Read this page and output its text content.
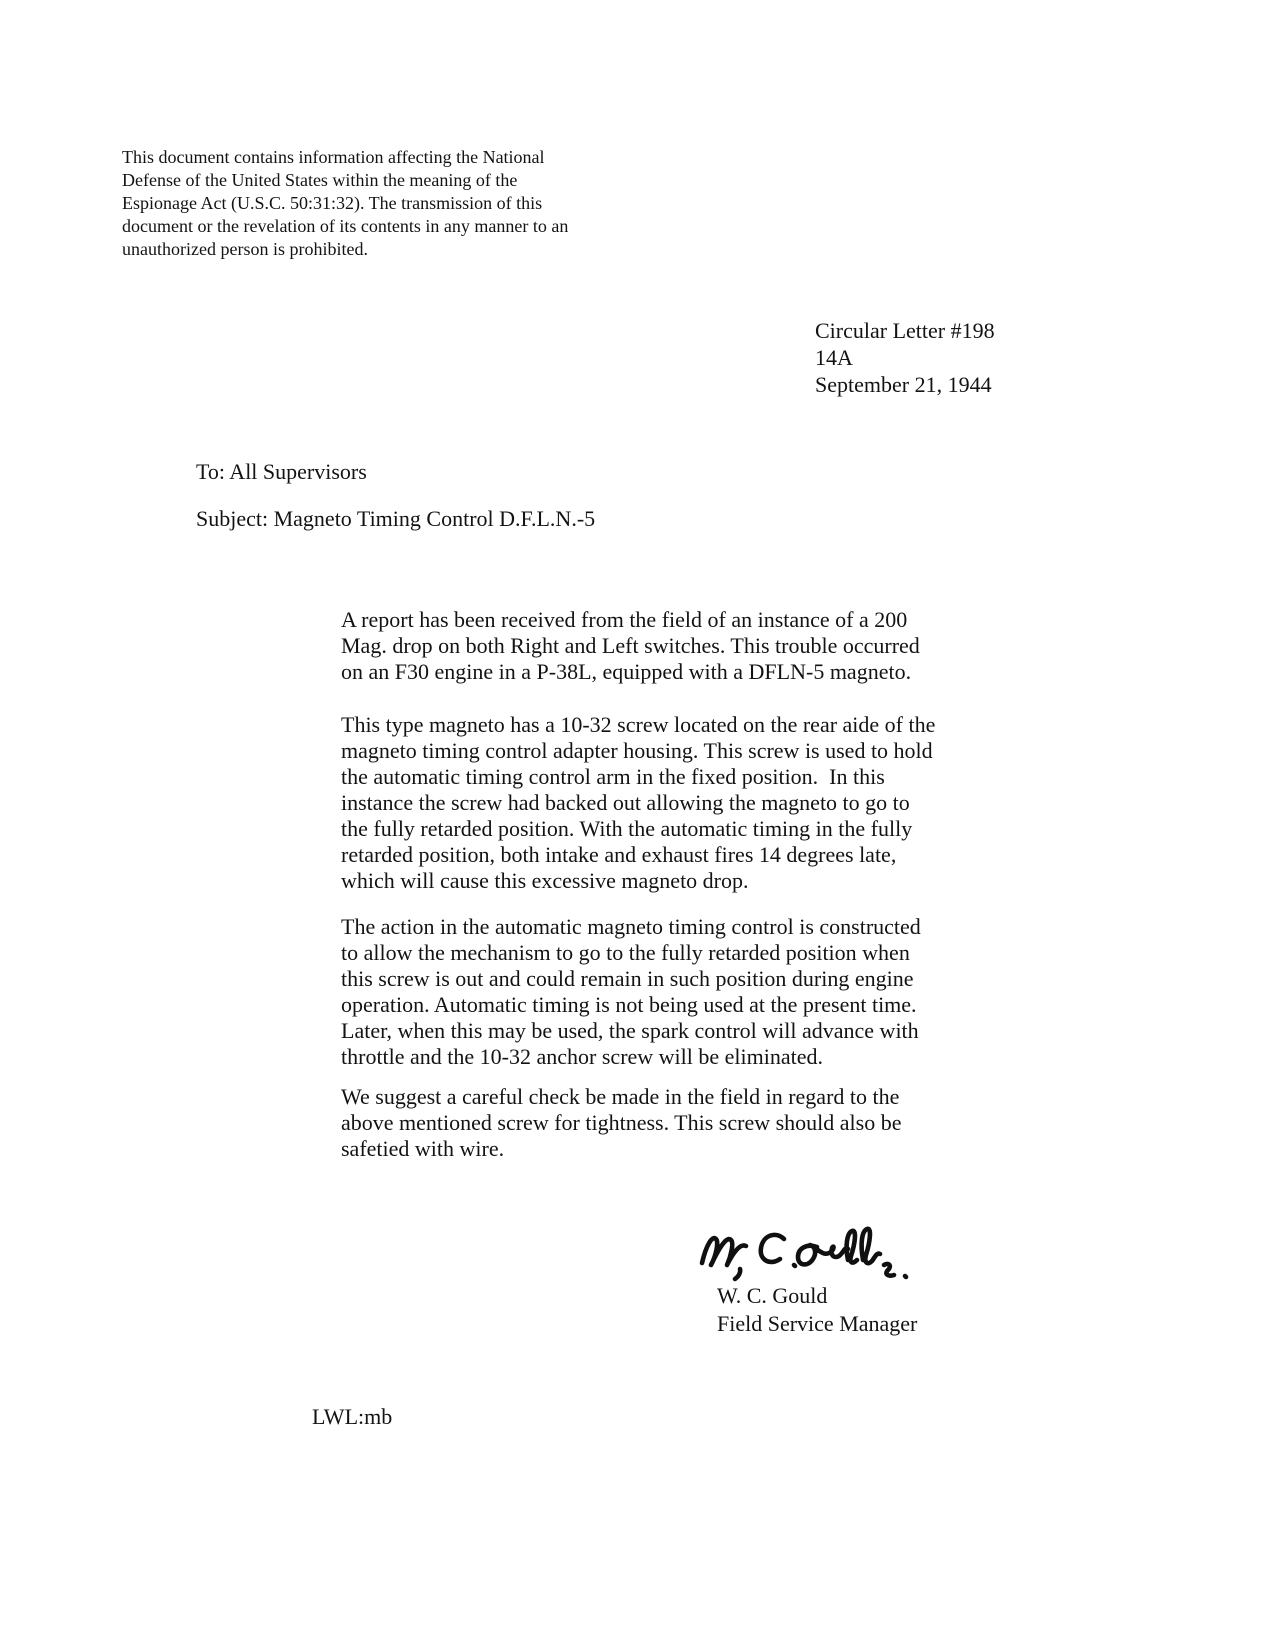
This document contains information affecting the National
Defense of the United States within the meaning of the
Espionage Act (U.S.C. 50:31:32). The transmission of this
document or the revelation of its contents in any manner to an
unauthorized person is prohibited.
Circular Letter #198
14A
September 21, 1944
To: All Supervisors
Subject: Magneto Timing Control D.F.L.N.-5
A report has been received from the field of an instance of a 200
Mag. drop on both Right and Left switches. This trouble occurred
on an F30 engine in a P-38L, equipped with a DFLN-5 magneto.
This type magneto has a 10-32 screw located on the rear aide of the
magneto timing control adapter housing. This screw is used to hold
the automatic timing control arm in the fixed position.  In this
instance the screw had backed out allowing the magneto to go to
the fully retarded position. With the automatic timing in the fully
retarded position, both intake and exhaust fires 14 degrees late,
which will cause this excessive magneto drop.
The action in the automatic magneto timing control is constructed
to allow the mechanism to go to the fully retarded position when
this screw is out and could remain in such position during engine
operation. Automatic timing is not being used at the present time.
Later, when this may be used, the spark control will advance with
throttle and the 10-32 anchor screw will be eliminated.
We suggest a careful check be made in the field in regard to the
above mentioned screw for tightness. This screw should also be
safetied with wire.
W. C. Gould
Field Service Manager
LWL:mb
